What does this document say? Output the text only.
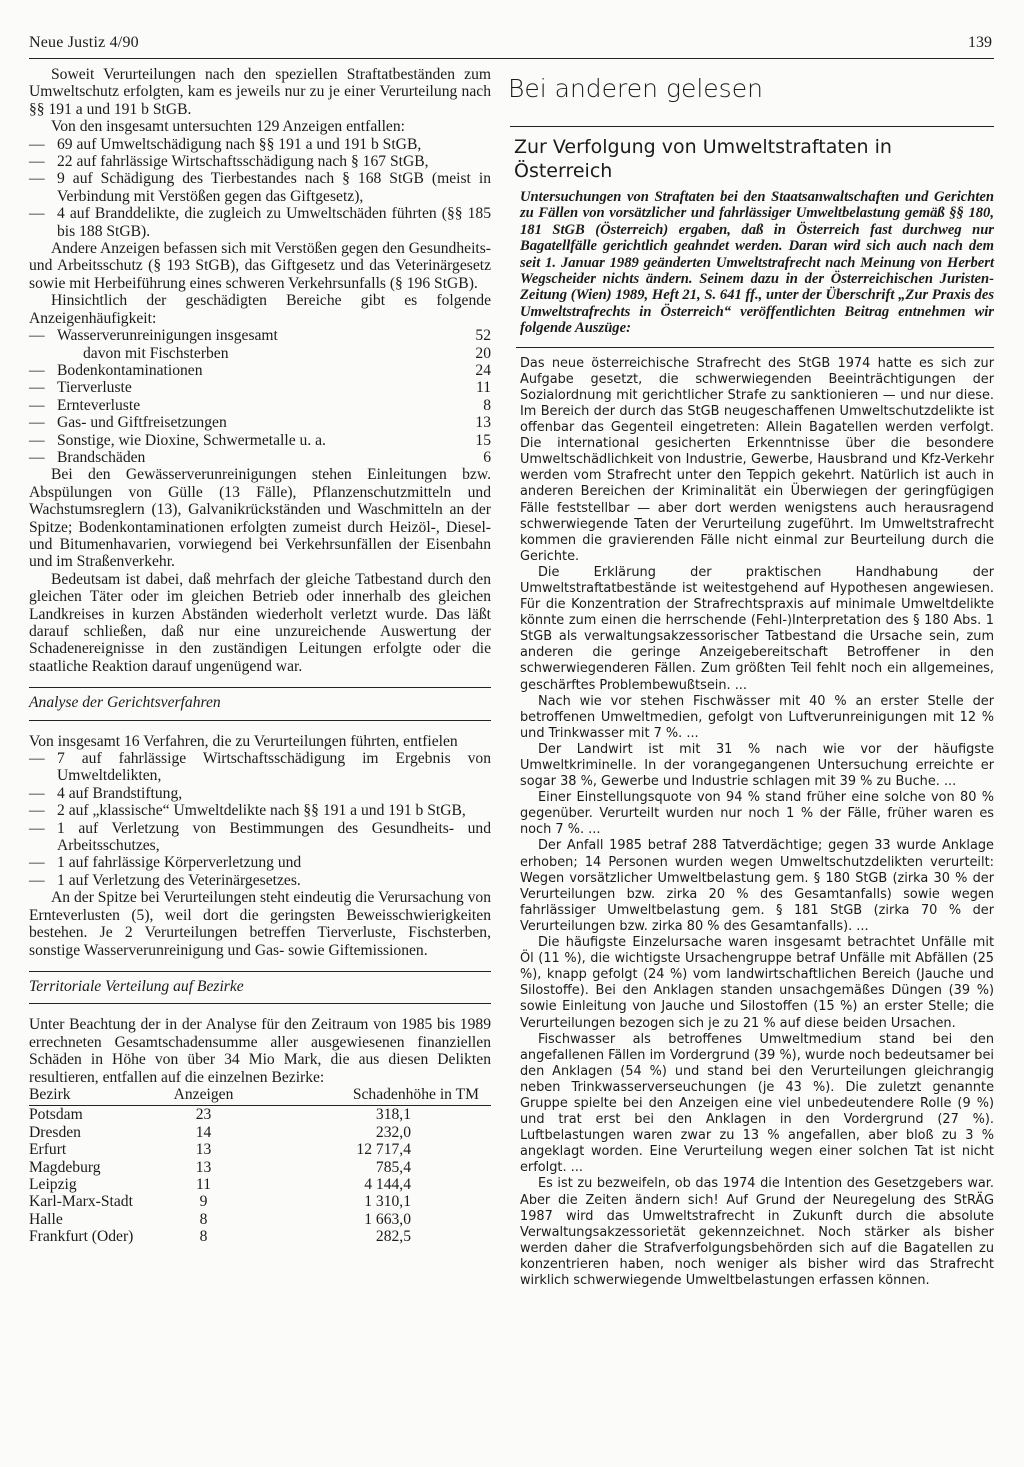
Neue Justiz 4/90	139

Soweit Verurteilungen nach den speziellen Straftatbeständen zum Umweltschutz erfolgten, kam es jeweils nur zu je einer Verurteilung nach §§ 191 a und 191 b StGB.

Von den insgesamt untersuchten 129 Anzeigen entfallen:

— 69 auf Umweltschädigung nach §§ 191 a und 191 b StGB,
— 22 auf fahrlässige Wirtschaftsschädigung nach § 167 StGB,
— 9 auf Schädigung des Tierbestandes nach § 168 StGB (meist in Verbindung mit Verstößen gegen das Giftgesetz),
— 4 auf Branddelikte, die zugleich zu Umweltschäden führten (§§ 185 bis 188 StGB).

Andere Anzeigen befassen sich mit Verstößen gegen den Gesundheits- und Arbeitsschutz (§ 193 StGB), das Giftgesetz und das Veterinärgesetz sowie mit Herbeiführung eines schweren Verkehrsunfalls (§ 196 StGB).

Hinsichtlich der geschädigten Bereiche gibt es folgende Anzeigenhäufigkeit:

—	Wasserverunreinigungen insgesamt	52
	davon mit Fischsterben	20
—	Bodenkontaminationen	24
—	Tierverluste	11
—	Ernteverluste	8
—	Gas- und Giftfreisetzungen	13
—	Sonstige, wie Dioxine, Schwermetalle u. a.	15
—	Brandschäden	6

Bei den Gewässerverunreinigungen stehen Einleitungen bzw. Abspülungen von Gülle (13 Fälle), Pflanzenschutzmitteln und Wachstumsreglern (13), Galvanikrückständen und Waschmitteln an der Spitze; Bodenkontaminationen erfolgten zumeist durch Heizöl-, Diesel- und Bitumenhavarien, vorwiegend bei Verkehrsunfällen der Eisenbahn und im Straßenverkehr.

Bedeutsam ist dabei, daß mehrfach der gleiche Tatbestand durch den gleichen Täter oder im gleichen Betrieb oder innerhalb des gleichen Landkreises in kurzen Abständen wiederholt verletzt wurde. Das läßt darauf schließen, daß nur eine unzureichende Auswertung der Schadenereignisse in den zuständigen Leitungen erfolgte oder die staatliche Reaktion darauf ungenügend war.

Analyse der Gerichtsverfahren

Von insgesamt 16 Verfahren, die zu Verurteilungen führten, entfielen

— 7 auf fahrlässige Wirtschaftsschädigung im Ergebnis von Umweltdelikten,
— 4 auf Brandstiftung,
— 2 auf „klassische“ Umweltdelikte nach §§ 191 a und 191 b StGB,
— 1 auf Verletzung von Bestimmungen des Gesundheits- und Arbeitsschutzes,
— 1 auf fahrlässige Körperverletzung und
— 1 auf Verletzung des Veterinärgesetzes.

An der Spitze bei Verurteilungen steht eindeutig die Verursachung von Ernteverlusten (5), weil dort die geringsten Beweisschwierigkeiten bestehen. Je 2 Verurteilungen betreffen Tierverluste, Fischsterben, sonstige Wasserverunreinigung und Gas- sowie Giftemissionen.

Territoriale Verteilung auf Bezirke

Unter Beachtung der in der Analyse für den Zeitraum von 1985 bis 1989 errechneten Gesamtschadensumme aller ausgewiesenen finanziellen Schäden in Höhe von über 34 Mio Mark, die aus diesen Delikten resultieren, entfallen auf die einzelnen Bezirke:

Bezirk	Anzeigen	Schadenhöhe in TM
Potsdam	23	318,1
Dresden	14	232,0
Erfurt	13	12 717,4
Magdeburg	13	785,4
Leipzig	11	4 144,4
Karl-Marx-Stadt	9	1 310,1
Halle	8	1 663,0
Frankfurt (Oder)	8	282,5
Bei anderen gelesen
Zur Verfolgung von Umweltstraftaten in Österreich
Untersuchungen von Straftaten bei den Staatsanwaltschaften und Gerichten zu Fällen von vorsätzlicher und fahrlässiger Umweltbelastung gemäß §§ 180, 181 StGB (Österreich) ergaben, daß in Österreich fast durchweg nur Bagatellfälle gerichtlich geahndet werden. Daran wird sich auch nach dem seit 1. Januar 1989 geänderten Umweltstrafrecht nach Meinung von Herbert Wegscheider nichts ändern. Seinem dazu in der Österreichischen Juristen-Zeitung (Wien) 1989, Heft 21, S. 641 ff., unter der Überschrift „Zur Praxis des Umweltstrafrechts in Österreich“ veröffentlichten Beitrag entnehmen wir folgende Auszüge:

Das neue österreichische Strafrecht des StGB 1974 hatte es sich zur Aufgabe gesetzt, die schwerwiegenden Beeinträchtigungen der Sozialordnung mit gerichtlicher Strafe zu sanktionieren — und nur diese. Im Bereich der durch das StGB neugeschaffenen Umweltschutzdelikte ist offenbar das Gegenteil eingetreten: Allein Bagatellen werden verfolgt. Die international gesicherten Erkenntnisse über die besondere Umweltschädlichkeit von Industrie, Gewerbe, Hausbrand und Kfz-Verkehr werden vom Strafrecht unter den Teppich gekehrt. Natürlich ist auch in anderen Bereichen der Kriminalität ein Überwiegen der geringfügigen Fälle feststellbar — aber dort werden wenigstens auch herausragend schwerwiegende Taten der Verurteilung zugeführt. Im Umweltstrafrecht kommen die gravierenden Fälle nicht einmal zur Beurteilung durch die Gerichte.

Die Erklärung der praktischen Handhabung der Umweltstraftatbestände ist weitestgehend auf Hypothesen angewiesen. Für die Konzentration der Strafrechtspraxis auf minimale Umweltdelikte könnte zum einen die herrschende (Fehl-)Interpretation des § 180 Abs. 1 StGB als verwaltungsakzessorischer Tatbestand die Ursache sein, zum anderen die geringe Anzeigebereitschaft Betroffener in den schwerwiegenderen Fällen. Zum größten Teil fehlt noch ein allgemeines, geschärftes Problembewußtsein. ...

Nach wie vor stehen Fischwässer mit 40 % an erster Stelle der betroffenen Umweltmedien, gefolgt von Luftverunreinigungen mit 12 % und Trinkwasser mit 7 %. ...

Der Landwirt ist mit 31 % nach wie vor der häufigste Umweltkriminelle. In der vorangegangenen Untersuchung erreichte er sogar 38 %, Gewerbe und Industrie schlagen mit 39 % zu Buche. ...

Einer Einstellungsquote von 94 % stand früher eine solche von 80 % gegenüber. Verurteilt wurden nur noch 1 % der Fälle, früher waren es noch 7 %. ...

Der Anfall 1985 betraf 288 Tatverdächtige; gegen 33 wurde Anklage erhoben; 14 Personen wurden wegen Umweltschutzdelikten verurteilt: Wegen vorsätzlicher Umweltbelastung gem. § 180 StGB (zirka 30 % der Verurteilungen bzw. zirka 20 % des Gesamtanfalls) sowie wegen fahrlässiger Umweltbelastung gem. § 181 StGB (zirka 70 % der Verurteilungen bzw. zirka 80 % des Gesamtanfalls). ...

Die häufigste Einzelursache waren insgesamt betrachtet Unfälle mit Öl (11 %), die wichtigste Ursachengruppe betraf Unfälle mit Abfällen (25 %), knapp gefolgt (24 %) vom landwirtschaftlichen Bereich (Jauche und Silostoffe). Bei den Anklagen standen unsachgemäßes Düngen (39 %) sowie Einleitung von Jauche und Silostoffen (15 %) an erster Stelle; die Verurteilungen bezogen sich je zu 21 % auf diese beiden Ursachen.

Fischwasser als betroffenes Umweltmedium stand bei den angefallenen Fällen im Vordergrund (39 %), wurde noch bedeutsamer bei den Anklagen (54 %) und stand bei den Verurteilungen gleichrangig neben Trinkwasserverseuchungen (je 43 %). Die zuletzt genannte Gruppe spielte bei den Anzeigen eine viel unbedeutendere Rolle (9 %) und trat erst bei den Anklagen in den Vordergrund (27 %). Luftbelastungen waren zwar zu 13 % angefallen, aber bloß zu 3 % angeklagt worden. Eine Verurteilung wegen einer solchen Tat ist nicht erfolgt. ...

Es ist zu bezweifeln, ob das 1974 die Intention des Gesetzgebers war. Aber die Zeiten ändern sich! Auf Grund der Neuregelung des StRÄG 1987 wird das Umweltstrafrecht in Zukunft durch die absolute Verwaltungsakzessorietät gekennzeichnet. Noch stärker als bisher werden daher die Strafverfolgungsbehörden sich auf die Bagatellen zu konzentrieren haben, noch weniger als bisher wird das Strafrecht wirklich schwerwiegende Umweltbelastungen erfassen können.
